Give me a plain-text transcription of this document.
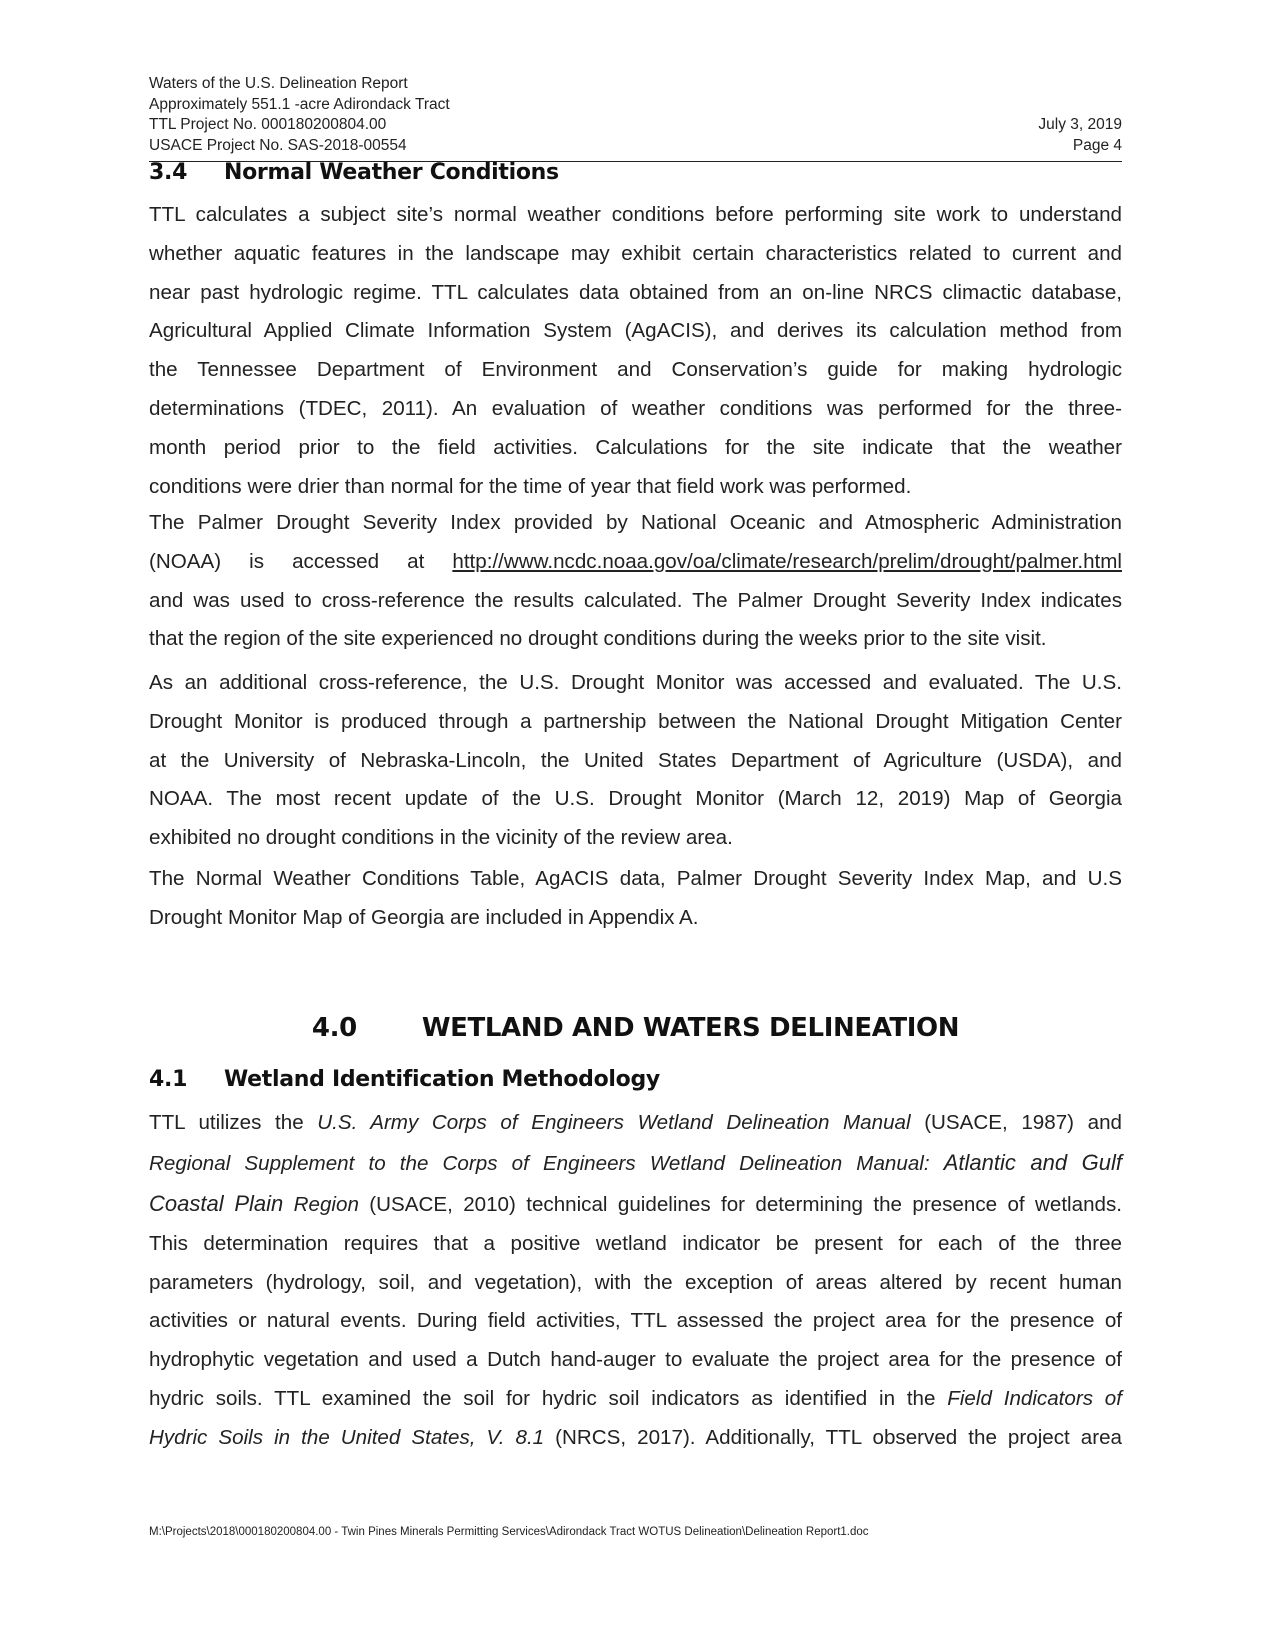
Waters of the U.S. Delineation Report
Approximately 551.1 -acre Adirondack Tract
TTL Project No. 000180200804.00	July 3, 2019
USACE Project No. SAS-2018-00554	Page 4
3.4 Normal Weather Conditions
TTL calculates a subject site’s normal weather conditions before performing site work to understand
whether aquatic features in the landscape may exhibit certain characteristics related to current and
near past hydrologic regime. TTL calculates data obtained from an on-line NRCS climactic database,
Agricultural Applied Climate Information System (AgACIS), and derives its calculation method from
the Tennessee Department of Environment and Conservation’s guide for making hydrologic
determinations (TDEC, 2011). An evaluation of weather conditions was performed for the three-
month period prior to the field activities. Calculations for the site indicate that the weather
conditions were drier than normal for the time of year that field work was performed.
The Palmer Drought Severity Index provided by National Oceanic and Atmospheric Administration
(NOAA) is accessed at http://www.ncdc.noaa.gov/oa/climate/research/prelim/drought/palmer.html
and was used to cross-reference the results calculated. The Palmer Drought Severity Index indicates
that the region of the site experienced no drought conditions during the weeks prior to the site visit.
As an additional cross-reference, the U.S. Drought Monitor was accessed and evaluated. The U.S.
Drought Monitor is produced through a partnership between the National Drought Mitigation Center
at the University of Nebraska-Lincoln, the United States Department of Agriculture (USDA), and
NOAA. The most recent update of the U.S. Drought Monitor (March 12, 2019) Map of Georgia
exhibited no drought conditions in the vicinity of the review area.
The Normal Weather Conditions Table, AgACIS data, Palmer Drought Severity Index Map, and U.S
Drought Monitor Map of Georgia are included in Appendix A.
4.0	WETLAND AND WATERS DELINEATION
4.1 Wetland Identification Methodology
TTL utilizes the U.S. Army Corps of Engineers Wetland Delineation Manual (USACE, 1987) and
Regional Supplement to the Corps of Engineers Wetland Delineation Manual: Atlantic and Gulf
Coastal Plain Region (USACE, 2010) technical guidelines for determining the presence of wetlands.
This determination requires that a positive wetland indicator be present for each of the three
parameters (hydrology, soil, and vegetation), with the exception of areas altered by recent human
activities or natural events. During field activities, TTL assessed the project area for the presence of
hydrophytic vegetation and used a Dutch hand-auger to evaluate the project area for the presence of
hydric soils. TTL examined the soil for hydric soil indicators as identified in the Field Indicators of
Hydric Soils in the United States, V. 8.1 (NRCS, 2017). Additionally, TTL observed the project area
M:\Projects\2018\000180200804.00 - Twin Pines Minerals Permitting Services\Adirondack Tract WOTUS Delineation\Delineation Report1.doc
